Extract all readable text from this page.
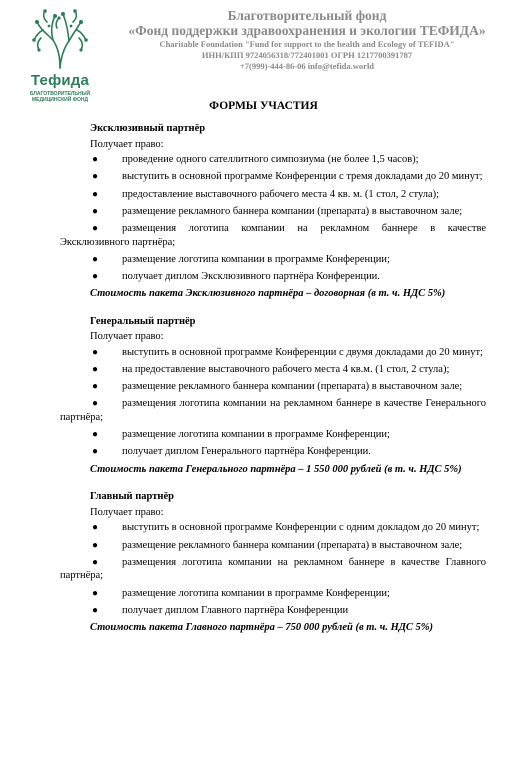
Тефида
БЛАГОТВОРИТЕЛЬНЫЙ МЕДИЦИНСКИЙ ФОНД
Благотворительный фонд
«Фонд поддержки здравоохранения и экологии ТЕФИДА»
Charitable Foundation "Fund for support to the health and Ecology of TEFIDA"
ИНН/КПП 9724056318/772401001 ОГРН 1217700391787
+7(999)-444-86-06 info@tefida.world
ФОРМЫ УЧАСТИЯ
Эксклюзивный партнёр
Получает право:
● проведение одного сателлитного симпозиума (не более 1,5 часов);
● выступить в основной программе Конференции с тремя докладами до 20 минут;
● предоставление выставочного рабочего места 4 кв. м. (1 стол, 2 стула);
● размещение рекламного баннера компании (препарата) в выставочном зале;
● размещения логотипа компании на рекламном баннере в качестве Эксклюзивного партнёра;
● размещение логотипа компании в программе Конференции;
● получает диплом Эксклюзивного партнёра Конференции.
Стоимость пакета Эксклюзивного партнёра – договорная (в т. ч. НДС 5%)
Генеральный партнёр
Получает право:
● выступить в основной программе Конференции с двумя докладами до 20 минут;
● на предоставление выставочного рабочего места 4 кв.м. (1 стол, 2 стула);
● размещение рекламного баннера компании (препарата) в выставочном зале;
● размещения логотипа компании на рекламном баннере в качестве Генерального партнёра;
● размещение логотипа компании в программе Конференции;
● получает диплом Генерального партнёра Конференции.
Стоимость пакета Генерального партнёра – 1 550 000 рублей (в т. ч. НДС 5%)
Главный партнёр
Получает право:
● выступить в основной программе Конференции с одним докладом до 20 минут;
● размещение рекламного баннера компании (препарата) в выставочном зале;
● размещения логотипа компании на рекламном баннере в качестве Главного партнёра;
● размещение логотипа компании в программе Конференции;
● получает диплом Главного партнёра Конференции
Стоимость пакета Главного партнёра – 750 000 рублей (в т. ч. НДС 5%)
